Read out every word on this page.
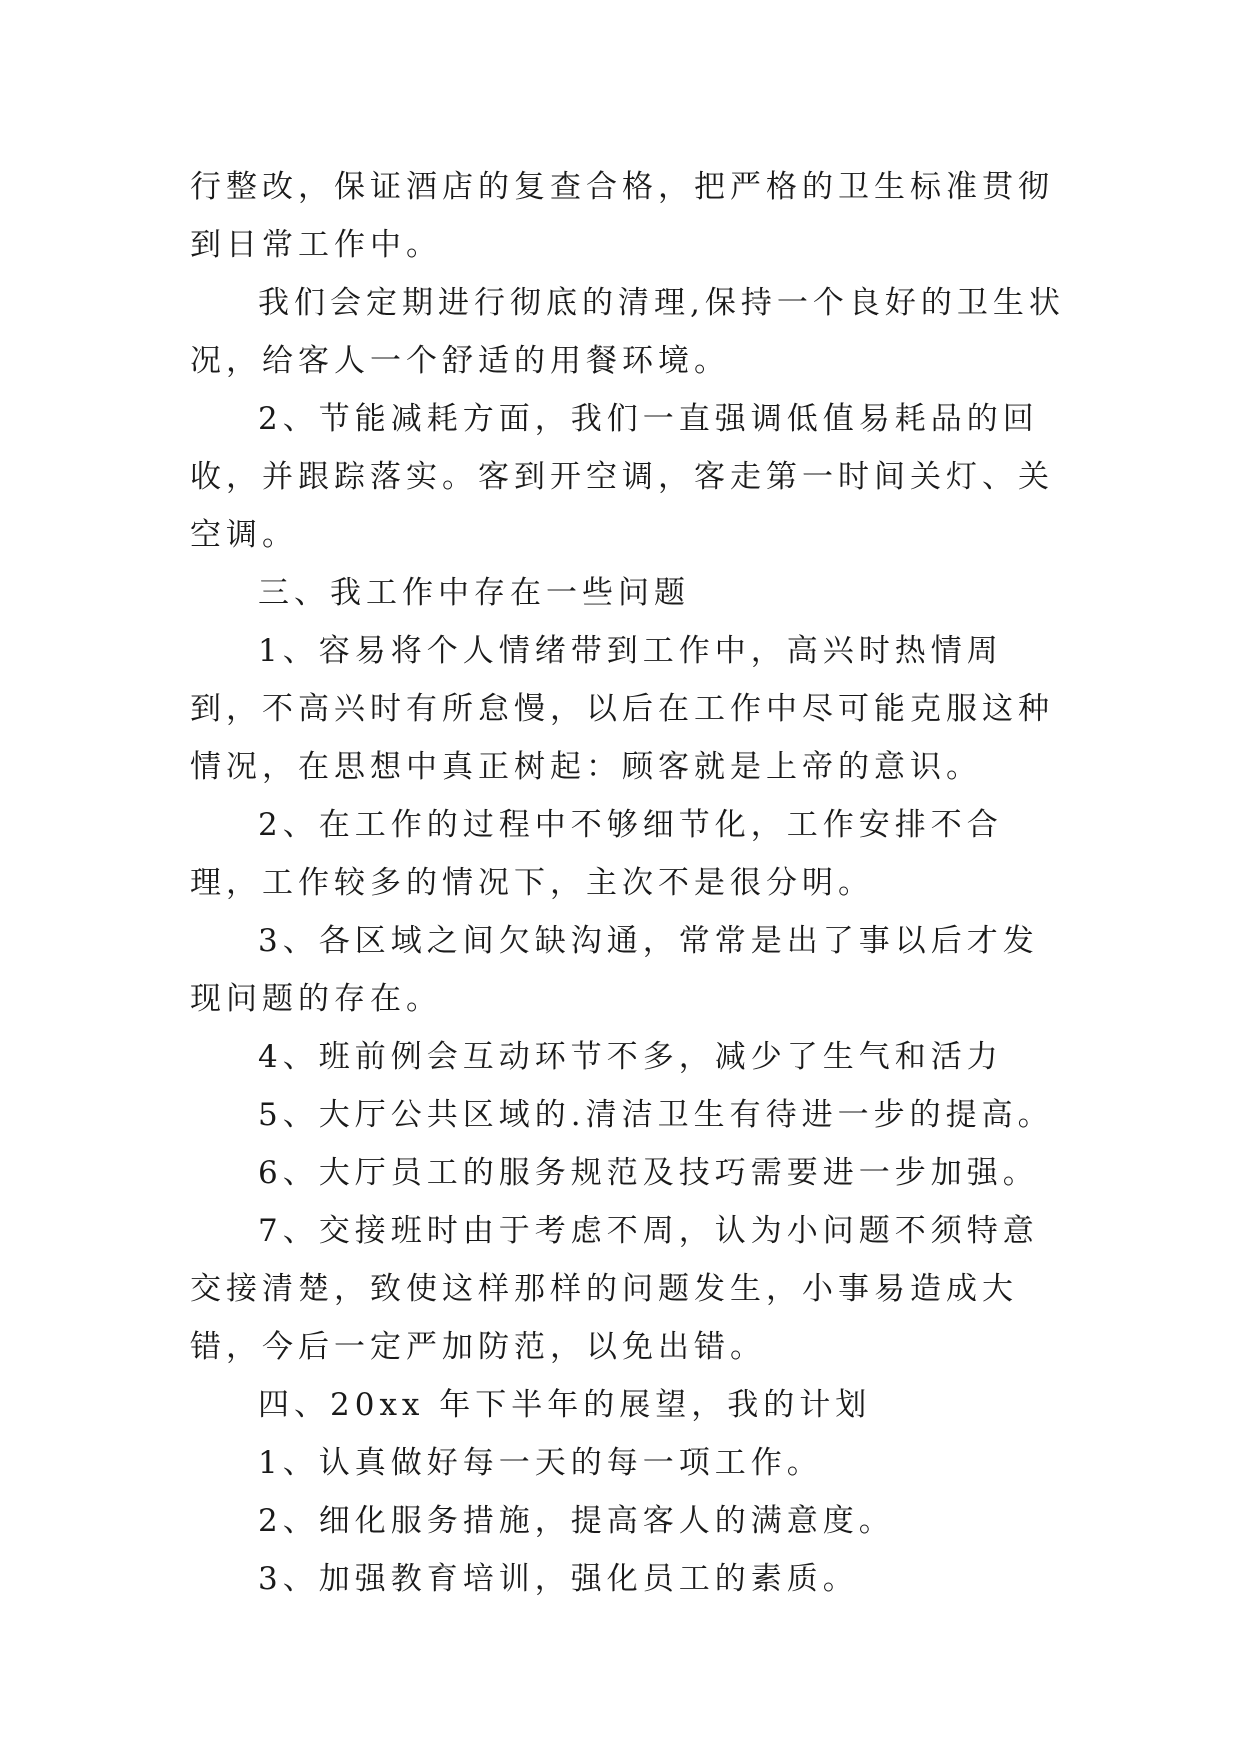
行整改，保证酒店的复查合格，把严格的卫生标准贯彻到日常工作中。

我们会定期进行彻底的清理,保持一个良好的卫生状况，给客人一个舒适的用餐环境。

2、节能减耗方面，我们一直强调低值易耗品的回收，并跟踪落实。客到开空调，客走第一时间关灯、关空调。

三、我工作中存在一些问题

1、容易将个人情绪带到工作中，高兴时热情周到，不高兴时有所怠慢，以后在工作中尽可能克服这种情况，在思想中真正树起：顾客就是上帝的意识。

2、在工作的过程中不够细节化，工作安排不合理，工作较多的情况下，主次不是很分明。

3、各区域之间欠缺沟通，常常是出了事以后才发现问题的存在。

4、班前例会互动环节不多，减少了生气和活力

5、大厅公共区域的.清洁卫生有待进一步的提高。

6、大厅员工的服务规范及技巧需要进一步加强。

7、交接班时由于考虑不周，认为小问题不须特意交接清楚，致使这样那样的问题发生，小事易造成大错，今后一定严加防范，以免出错。

四、20xx 年下半年的展望，我的计划

1、认真做好每一天的每一项工作。

2、细化服务措施，提高客人的满意度。

3、加强教育培训，强化员工的素质。
